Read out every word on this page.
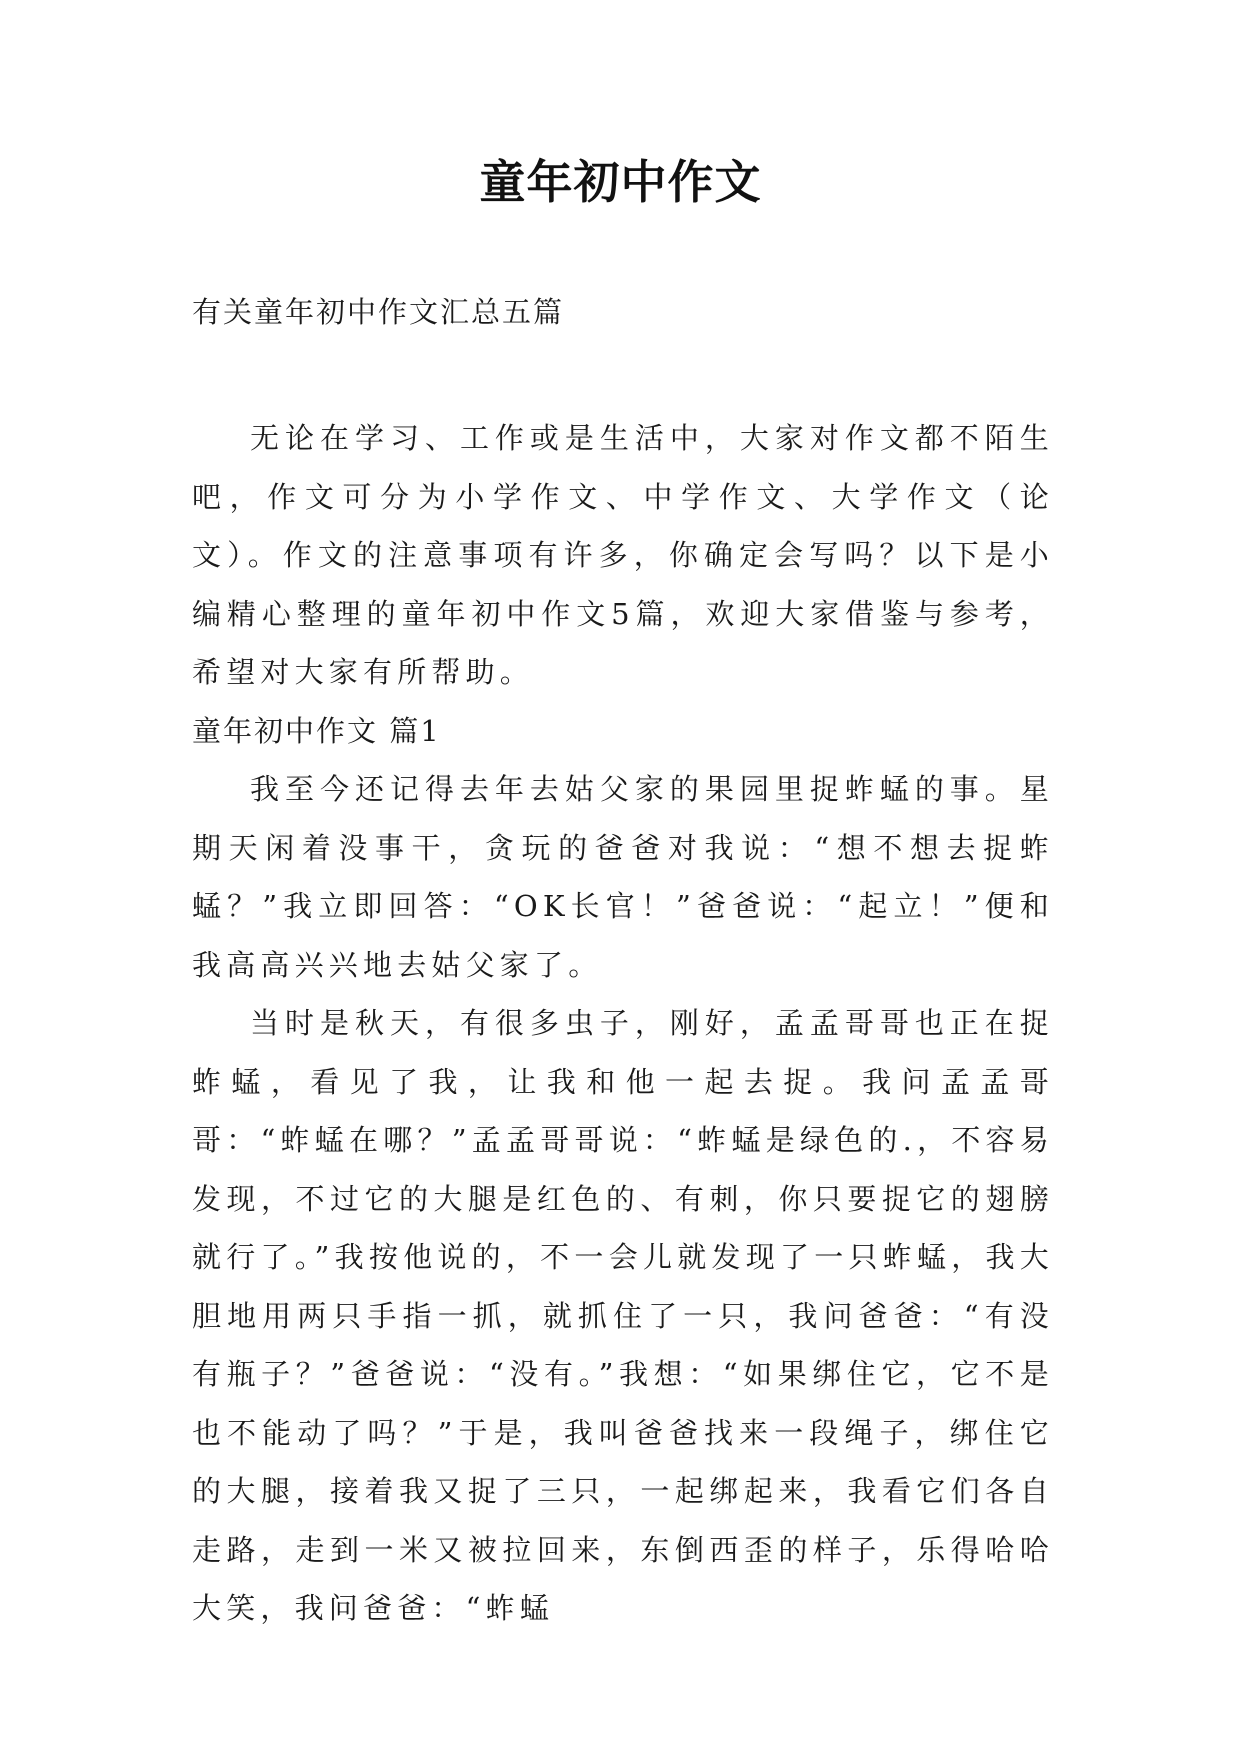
童年初中作文
有关童年初中作文汇总五篇

无论在学习、工作或是生活中，大家对作文都不陌生吧，作文可分为小学作文、中学作文、大学作文（论文）。作文的注意事项有许多，你确定会写吗？以下是小编精心整理的童年初中作文5篇，欢迎大家借鉴与参考，希望对大家有所帮助。

童年初中作文 篇1

我至今还记得去年去姑父家的果园里捉蚱蜢的事。星期天闲着没事干，贪玩的爸爸对我说：“想不想去捉蚱蜢？”我立即回答：“OK长官！”爸爸说：“起立！”便和我高高兴兴地去姑父家了。

当时是秋天，有很多虫子，刚好，孟孟哥哥也正在捉蚱蜢，看见了我，让我和他一起去捉。我问孟孟哥哥：“蚱蜢在哪？”孟孟哥哥说：“蚱蜢是绿色的.，不容易发现，不过它的大腿是红色的、有刺，你只要捉它的翅膀就行了。”我按他说的，不一会儿就发现了一只蚱蜢，我大胆地用两只手指一抓，就抓住了一只，我问爸爸：“有没有瓶子？”爸爸说：“没有。”我想：“如果绑住它，它不是也不能动了吗？”于是，我叫爸爸找来一段绳子，绑住它的大腿，接着我又捉了三只，一起绑起来，我看它们各自走路，走到一米又被拉回来，东倒西歪的样子，乐得哈哈大笑，我问爸爸：“蚱蜢
